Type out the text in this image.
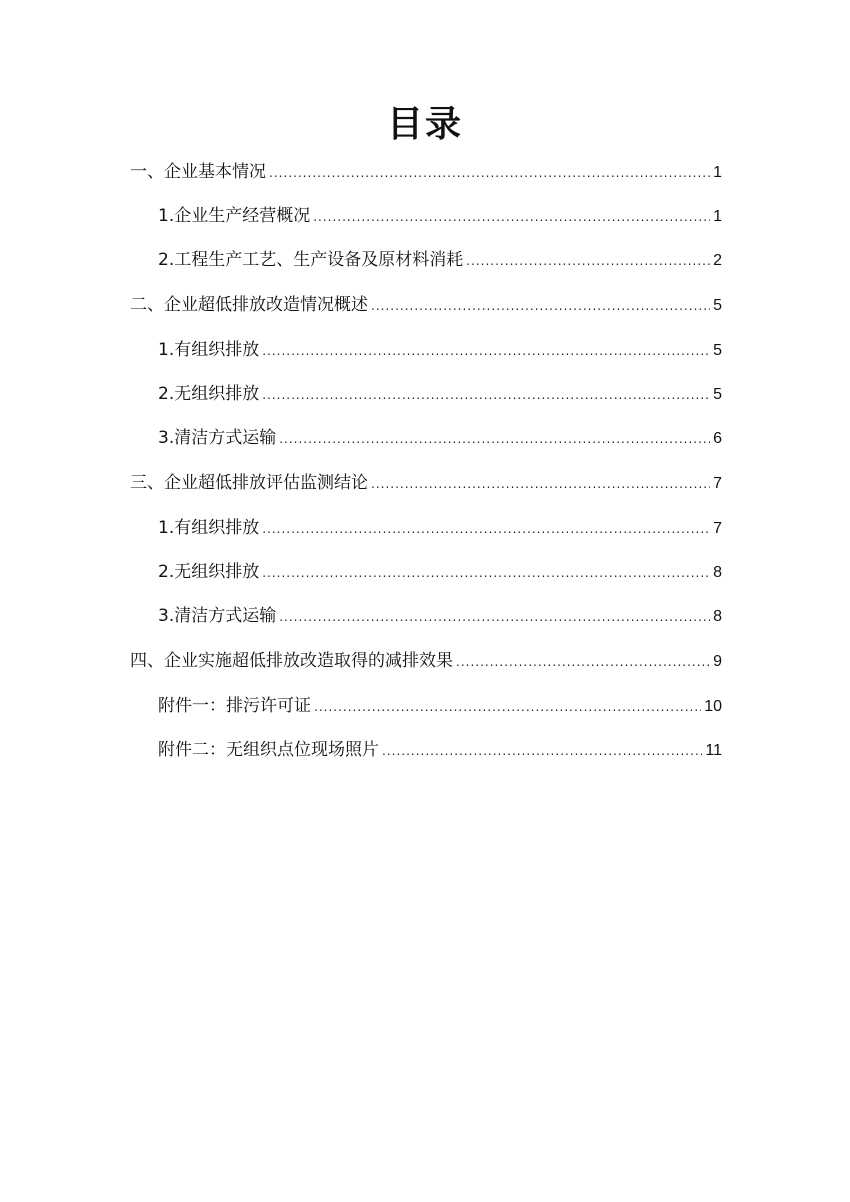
目录
一、企业基本情况 .....	1
1.企业生产经营概况 .....	1
2.工程生产工艺、生产设备及原材料消耗 .....	2
二、企业超低排放改造情况概述 .....	5
1.有组织排放 .....	5
2.无组织排放 .....	5
3.清洁方式运输 .....	6
三、企业超低排放评估监测结论 .....	7
1.有组织排放 .....	7
2.无组织排放 .....	8
3.清洁方式运输 .....	8
四、企业实施超低排放改造取得的减排效果 .....	9
附件一：排污许可证 .....	10
附件二：无组织点位现场照片 .....	11
